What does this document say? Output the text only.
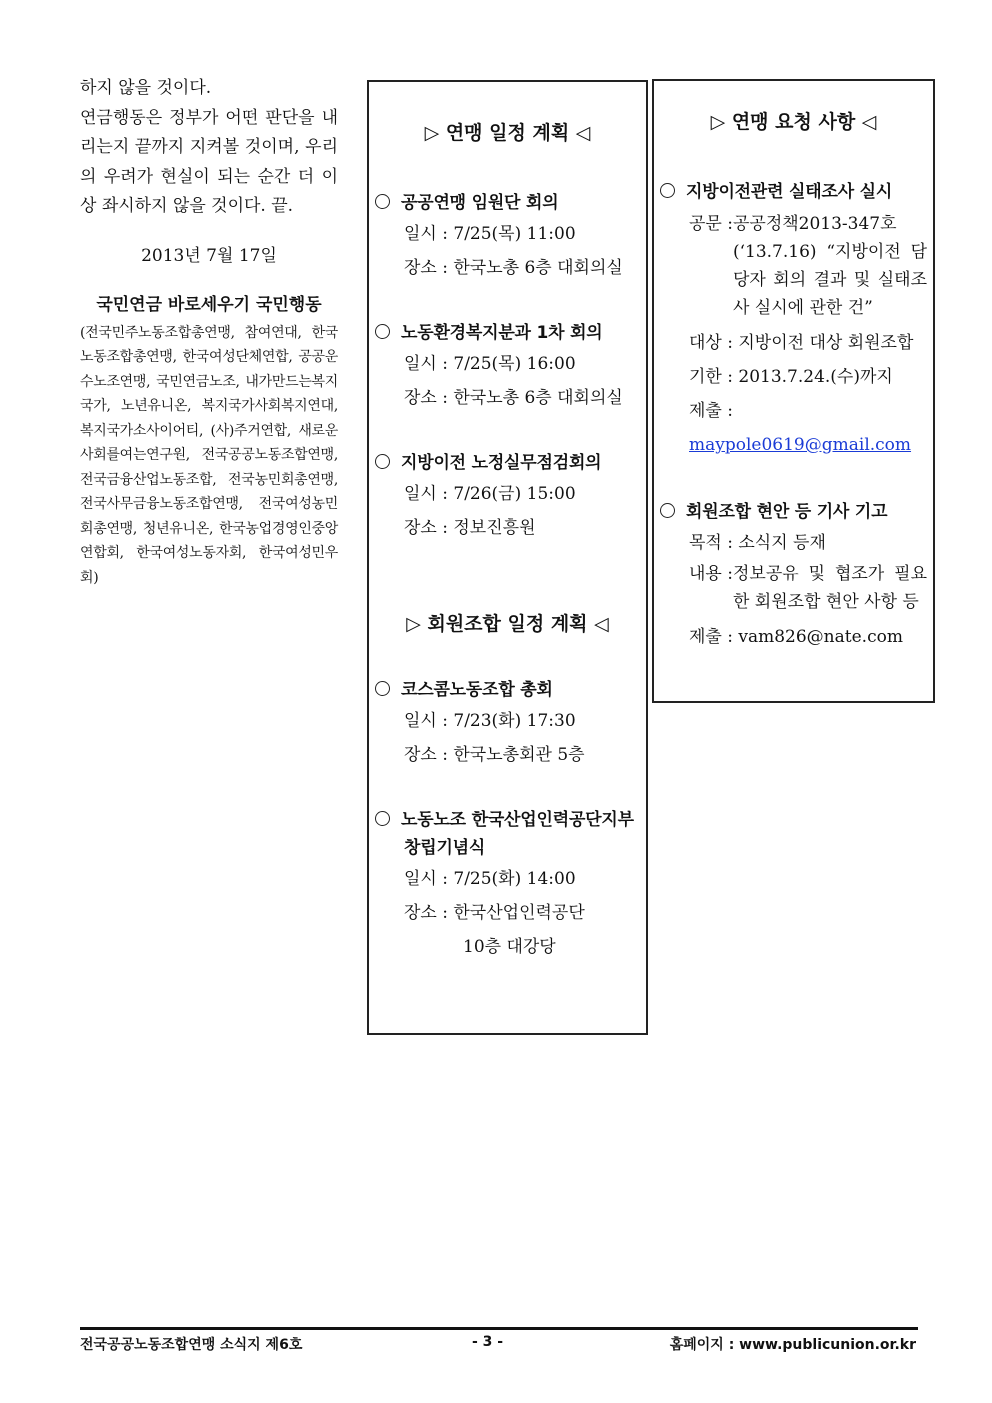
하지 않을 것이다.
연금행동은 정부가 어떤 판단을 내리는지 끝까지 지켜볼 것이며, 우리의 우려가 현실이 되는 순간 더 이상 좌시하지 않을 것이다. 끝.
2013년 7월 17일
국민연금 바로세우기 국민행동
(전국민주노동조합총연맹, 참여연대, 한국노동조합총연맹, 한국여성단체연합, 공공운수노조연맹, 국민연금노조, 내가만드는복지국가, 노년유니온, 복지국가사회복지연대, 복지국가소사이어티, (사)주거연합, 새로운사회를여는연구원, 전국공공노동조합연맹, 전국금융산업노동조합, 전국농민회총연맹, 전국사무금융노동조합연맹, 전국여성농민회총연맹, 청년유니온, 한국농업경영인중앙연합회, 한국여성노동자회, 한국여성민우회)
▷ 연맹 일정 계획 ◁
공공연맹 임원단 회의
일시 : 7/25(목) 11:00
장소 : 한국노총 6층 대회의실
노동환경복지분과 1차 회의
일시 : 7/25(목) 16:00
장소 : 한국노총 6층 대회의실
지방이전 노정실무점검회의
일시 : 7/26(금) 15:00
장소 : 정보진흥원
▷ 회원조합 일정 계획 ◁
코스콤노동조합 총회
일시 : 7/23(화) 17:30
장소 : 한국노총회관 5층
노동노조 한국산업인력공단지부
창립기념식
일시 : 7/25(화) 14:00
장소 : 한국산업인력공단
10층 대강당
▷ 연맹 요청 사항 ◁
지방이전관련 실태조사 실시
공문 : 공공정책2013-347호 (‘13.7.16) “지방이전 담당자 회의 결과 및 실태조사 실시에 관한 건”
대상 : 지방이전 대상 회원조합
기한 : 2013.7.24.(수)까지
제출 : maypole0619@gmail.com
회원조합 현안 등 기사 기고
목적 : 소식지 등재
내용 : 정보공유 및 협조가 필요한 회원조합 현안 사항 등
제출 : vam826@nate.com
전국공공노동조합연맹 소식지 제6호	- 3 -	홈페이지 : www.publicunion.or.kr
